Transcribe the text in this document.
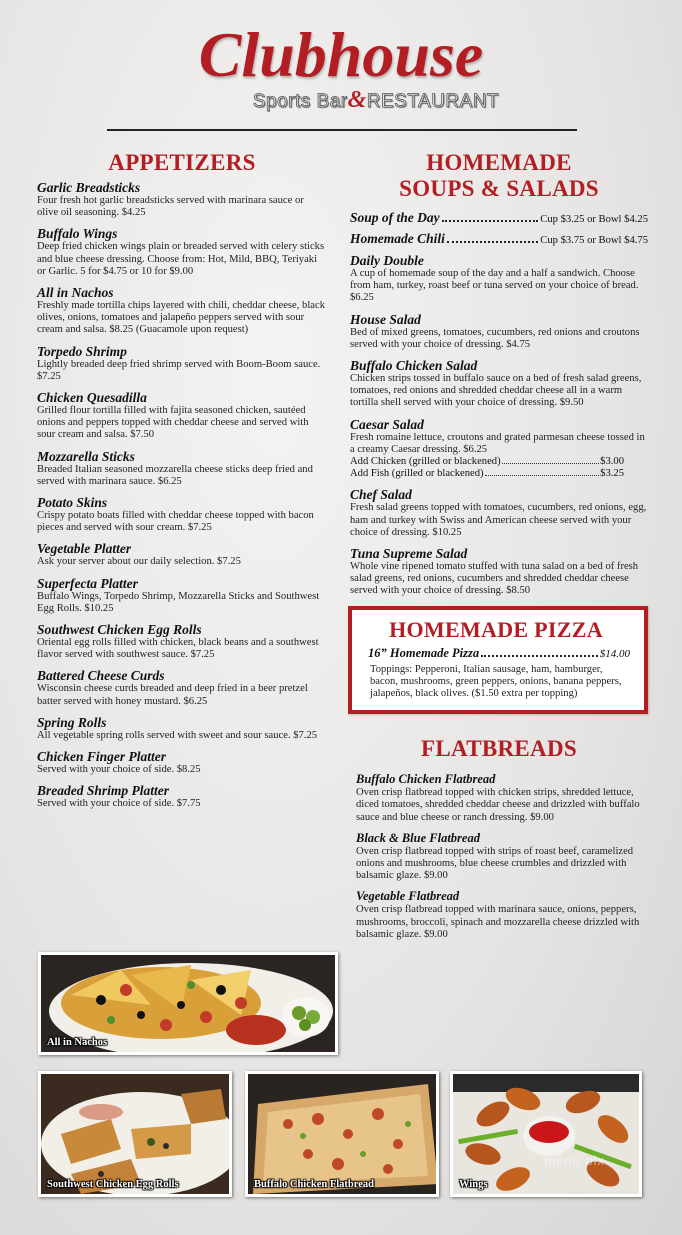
Clubhouse
Sports Bar&RESTAURANT
APPETIZERS
Garlic Breadsticks
Four fresh hot garlic breadsticks served with marinara sauce or olive oil seasoning. $4.25
Buffalo Wings
Deep fried chicken wings plain or breaded served with celery sticks and blue cheese dressing. Choose from: Hot, Mild, BBQ, Teriyaki or Garlic. 5 for $4.75 or 10 for $9.00
All in Nachos
Freshly made tortilla chips layered with chili, cheddar cheese, black olives, onions, tomatoes and jalapeño peppers served with sour cream and salsa. $8.25 (Guacamole upon request)
Torpedo Shrimp
Lightly breaded deep fried shrimp served with Boom-Boom sauce. $7.25
Chicken Quesadilla
Grilled flour tortilla filled with fajita seasoned chicken, sautéed onions and peppers topped with cheddar cheese and served with sour cream and salsa. $7.50
Mozzarella Sticks
Breaded Italian seasoned mozzarella cheese sticks deep fried and served with marinara sauce. $6.25
Potato Skins
Crispy potato boats filled with cheddar cheese topped with bacon pieces and served with sour cream. $7.25
Vegetable Platter
Ask your server about our daily selection. $7.25
Superfecta Platter
Buffalo Wings, Torpedo Shrimp, Mozzarella Sticks and Southwest Egg Rolls. $10.25
Southwest Chicken Egg Rolls
Oriental egg rolls filled with chicken, black beans and a southwest flavor served with southwest sauce. $7.25
Battered Cheese Curds
Wisconsin cheese curds breaded and deep fried in a beer pretzel batter served with honey mustard. $6.25
Spring Rolls
All vegetable spring rolls served with sweet and sour sauce. $7.25
Chicken Finger Platter
Served with your choice of side. $8.25
Breaded Shrimp Platter
Served with your choice of side. $7.75
HOMEMADE
SOUPS & SALADS
Soup of the Day	Cup $3.25 or Bowl $4.25
Homemade Chili	Cup $3.75 or Bowl $4.75
Daily Double
A cup of homemade soup of the day and a half a sandwich. Choose from ham, turkey, roast beef or tuna served on your choice of bread. $6.25
House Salad
Bed of mixed greens, tomatoes, cucumbers, red onions and croutons served with your choice of dressing. $4.75
Buffalo Chicken Salad
Chicken strips tossed in buffalo sauce on a bed of fresh salad greens, tomatoes, red onions and shredded cheddar cheese all in a warm tortilla shell served with your choice of dressing. $9.50
Caesar Salad
Fresh romaine lettuce, croutons and grated parmesan cheese tossed in a creamy Caesar dressing. $6.25
Add Chicken (grilled or blackened)	$3.00
Add Fish (grilled or blackened)	$3.25
Chef Salad
Fresh salad greens topped with tomatoes, cucumbers, red onions, egg, ham and turkey with Swiss and American cheese served with your choice of dressing. $10.25
Tuna Supreme Salad
Whole vine ripened tomato stuffed with tuna salad on a bed of fresh salad greens, red onions, cucumbers and shredded cheddar cheese served with your choice of dressing. $8.50
HOMEMADE PIZZA
16” Homemade Pizza	$14.00
Toppings: Pepperoni, Italian sausage, ham, hamburger, bacon, mushrooms, green peppers, onions, banana peppers, jalapeños, black olives. ($1.50 extra per topping)
FLATBREADS
Buffalo Chicken Flatbread
Oven crisp flatbread topped with chicken strips, shredded lettuce, diced tomatoes, shredded cheddar cheese and drizzled with buffalo sauce and blue cheese or ranch dressing. $9.00
Black & Blue Flatbread
Oven crisp flatbread topped with strips of roast beef, caramelized onions and mushrooms, blue cheese crumbles and drizzled with balsamic glaze. $9.00
Vegetable Flatbread
Oven crisp flatbread topped with marinara sauce, onions, peppers, mushrooms, broccoli, spinach and mozzarella cheese drizzled with balsamic glaze. $9.00
All in Nachos
Southwest Chicken Egg Rolls	Buffalo Chicken Flatbread
menu pix
Wings
